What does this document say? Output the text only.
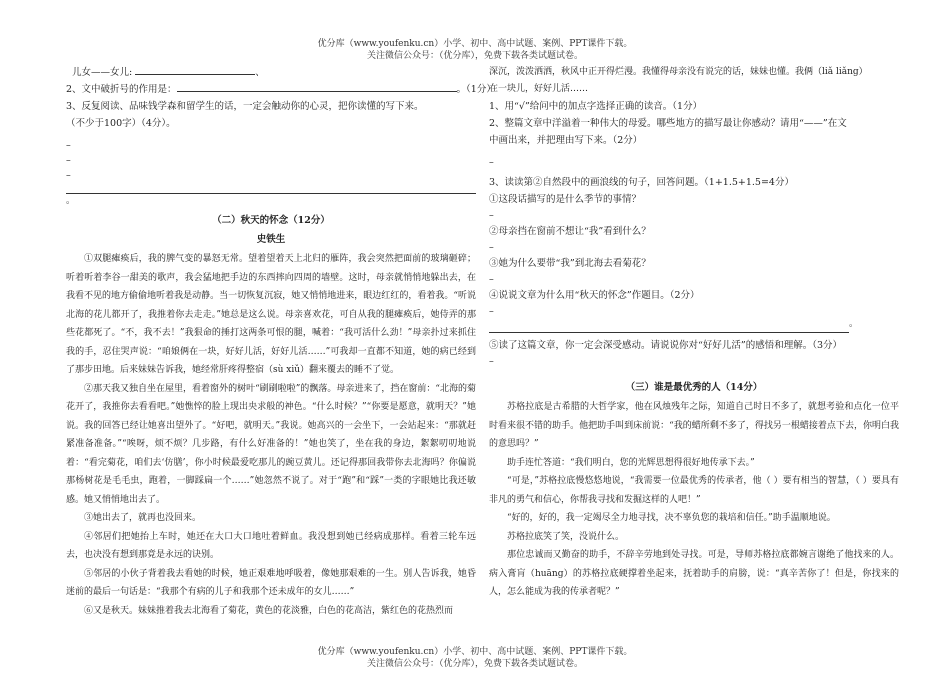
优分库（www.youfenku.cn）小学、初中、高中试题、案例、PPT课件下载。
关注微信公众号：（优分库），免费下载各类试题试卷。
儿女——女儿:	、
2、文中破折号的作用是：	。（1分）
3、反复阅读、品味钱学森和留学生的话，一定会触动你的心灵，把你读懂的写下来。
（不少于100字）（4分）。
–
–
–
。
（二）秋天的怀念（12分）
史铁生

①双腿瘫痪后，我的脾气变的暴怒无常。望着望着天上北归的雁阵，我会突然把面前的玻璃砸碎；听着听着李谷一甜美的歌声，我会猛地把手边的东西摔向四周的墙壁。这时，母亲就悄悄地躲出去，在我看不见的地方偷偷地听着我是动静。当一切恢复沉寂，她又悄悄地进来，眼边红红的，看着我。“听说北海的花儿都开了，我推着你去走走。”她总是这么说。母亲喜欢花，可自从我的腿瘫痪后，她侍弄的那些花都死了。“不，我不去！”我狠命的捶打这两条可恨的腿，喊着：“我可活什么劲！”母亲扑过来抓住我的手，忍住哭声说：“咱娘俩在一块，好好儿活，好好儿活……”可我却一直都不知道，她的病已经到了那步田地。后来妹妹告诉我，她经常肝疼得整宿（sù xiǔ）翻来覆去的睡不了觉。

②那天我又独自坐在屋里，看着窗外的树叶“刷刷啦啦”的飘落。母亲进来了，挡在窗前：“北海的菊花开了，我推你去看看吧。”她憔悴的脸上现出央求般的神色。“什么时候？”“你要是愿意，就明天？”她说。我的回答已经让她喜出望外了。“好吧，就明天。”我说。她高兴的一会坐下，一会站起来：“那就赶紧准备准备。”“唉呀，烦不烦？几步路，有什么好准备的！”她也笑了，坐在我的身边，絮絮叨叨地说着：“看完菊花，咱们去‘仿膳’，你小时候最爱吃那儿的豌豆黄儿。还记得那回我带你去北海吗？你偏说那杨树花是毛毛虫，跑着，一脚踩扁一个……”她忽然不说了。对于“跑”和“踩”一类的字眼她比我还敏感。她又悄悄地出去了。

③她出去了，就再也没回来。

④邻居们把她抬上车时，她还在大口大口地吐着鲜血。我没想到她已经病成那样。看着三轮车远去，也决没有想到那竟是永远的诀别。

⑤邻居的小伙子背着我去看她的时候，她正艰难地呼吸着，像她那艰难的一生。别人告诉我，她昏迷前的最后一句话是：“我那个有病的儿子和我那个还未成年的女儿……”

⑥又是秋天。妹妹推着我去北海看了菊花，黄色的花淡雅，白色的花高洁，紫红色的花热烈而

深沉，泼泼洒洒，秋风中正开得烂漫。我懂得母亲没有说完的话，妹妹也懂。我俩（liǎ liǎng）
在一块儿，好好儿活……
1、用“√”给问中的加点字选择正确的读音。（1分）
2、整篇文章中洋溢着一种伟大的母爱。哪些地方的描写最让你感动？请用“——”在文
中画出来，并把理由写下来。（2分）
–
3、读读第②自然段中的画浪线的句子，回答问题。（1+1.5+1.5=4分）
①这段话描写的是什么季节的事情？
–
②母亲挡在窗前不想让“我”看到什么？
–
③她为什么要带“我”到北海去看菊花？
–
④说说文章为什么用“秋天的怀念”作题目。（2分）
–
。
⑤读了这篇文章，你一定会深受感动。请说说你对“好好儿活”的感悟和理解。（3分）
–
（三）谁是最优秀的人（14分）

苏格拉底是古希腊的大哲学家，他在风烛残年之际，知道自己时日不多了，就想考验和点化一位平时看来很不错的助手。他把助手叫到床前说：“我的蜡所剩不多了，得找另一根蜡接着点下去，你明白我的意思吗？”

助手连忙答道：“我们明白，您的光辉思想得很好地传承下去。”

“可是，”苏格拉底慢悠悠地说，“我需要一位最优秀的传承者，他（ ）要有相当的智慧，（ ）要具有非凡的勇气和信心，你帮我寻找和发掘这样的人吧！”

“好的，好的，我一定竭尽全力地寻找，决不辜负您的栽培和信任。”助手温顺地说。

苏格拉底笑了笑，没说什么。

那位忠诚而又勤奋的助手，不辞辛劳地到处寻找。可是，导师苏格拉底都婉言谢绝了他找来的人。病入膏肓（huāng）的苏格拉底硬撑着坐起来，抚着助手的肩膀，说：“真辛苦你了！但是，你找来的人，怎么能成为我的传承者呢？”

优分库（www.youfenku.cn）小学、初中、高中试题、案例、PPT课件下载。
关注微信公众号：（优分库），免费下载各类试题试卷。
